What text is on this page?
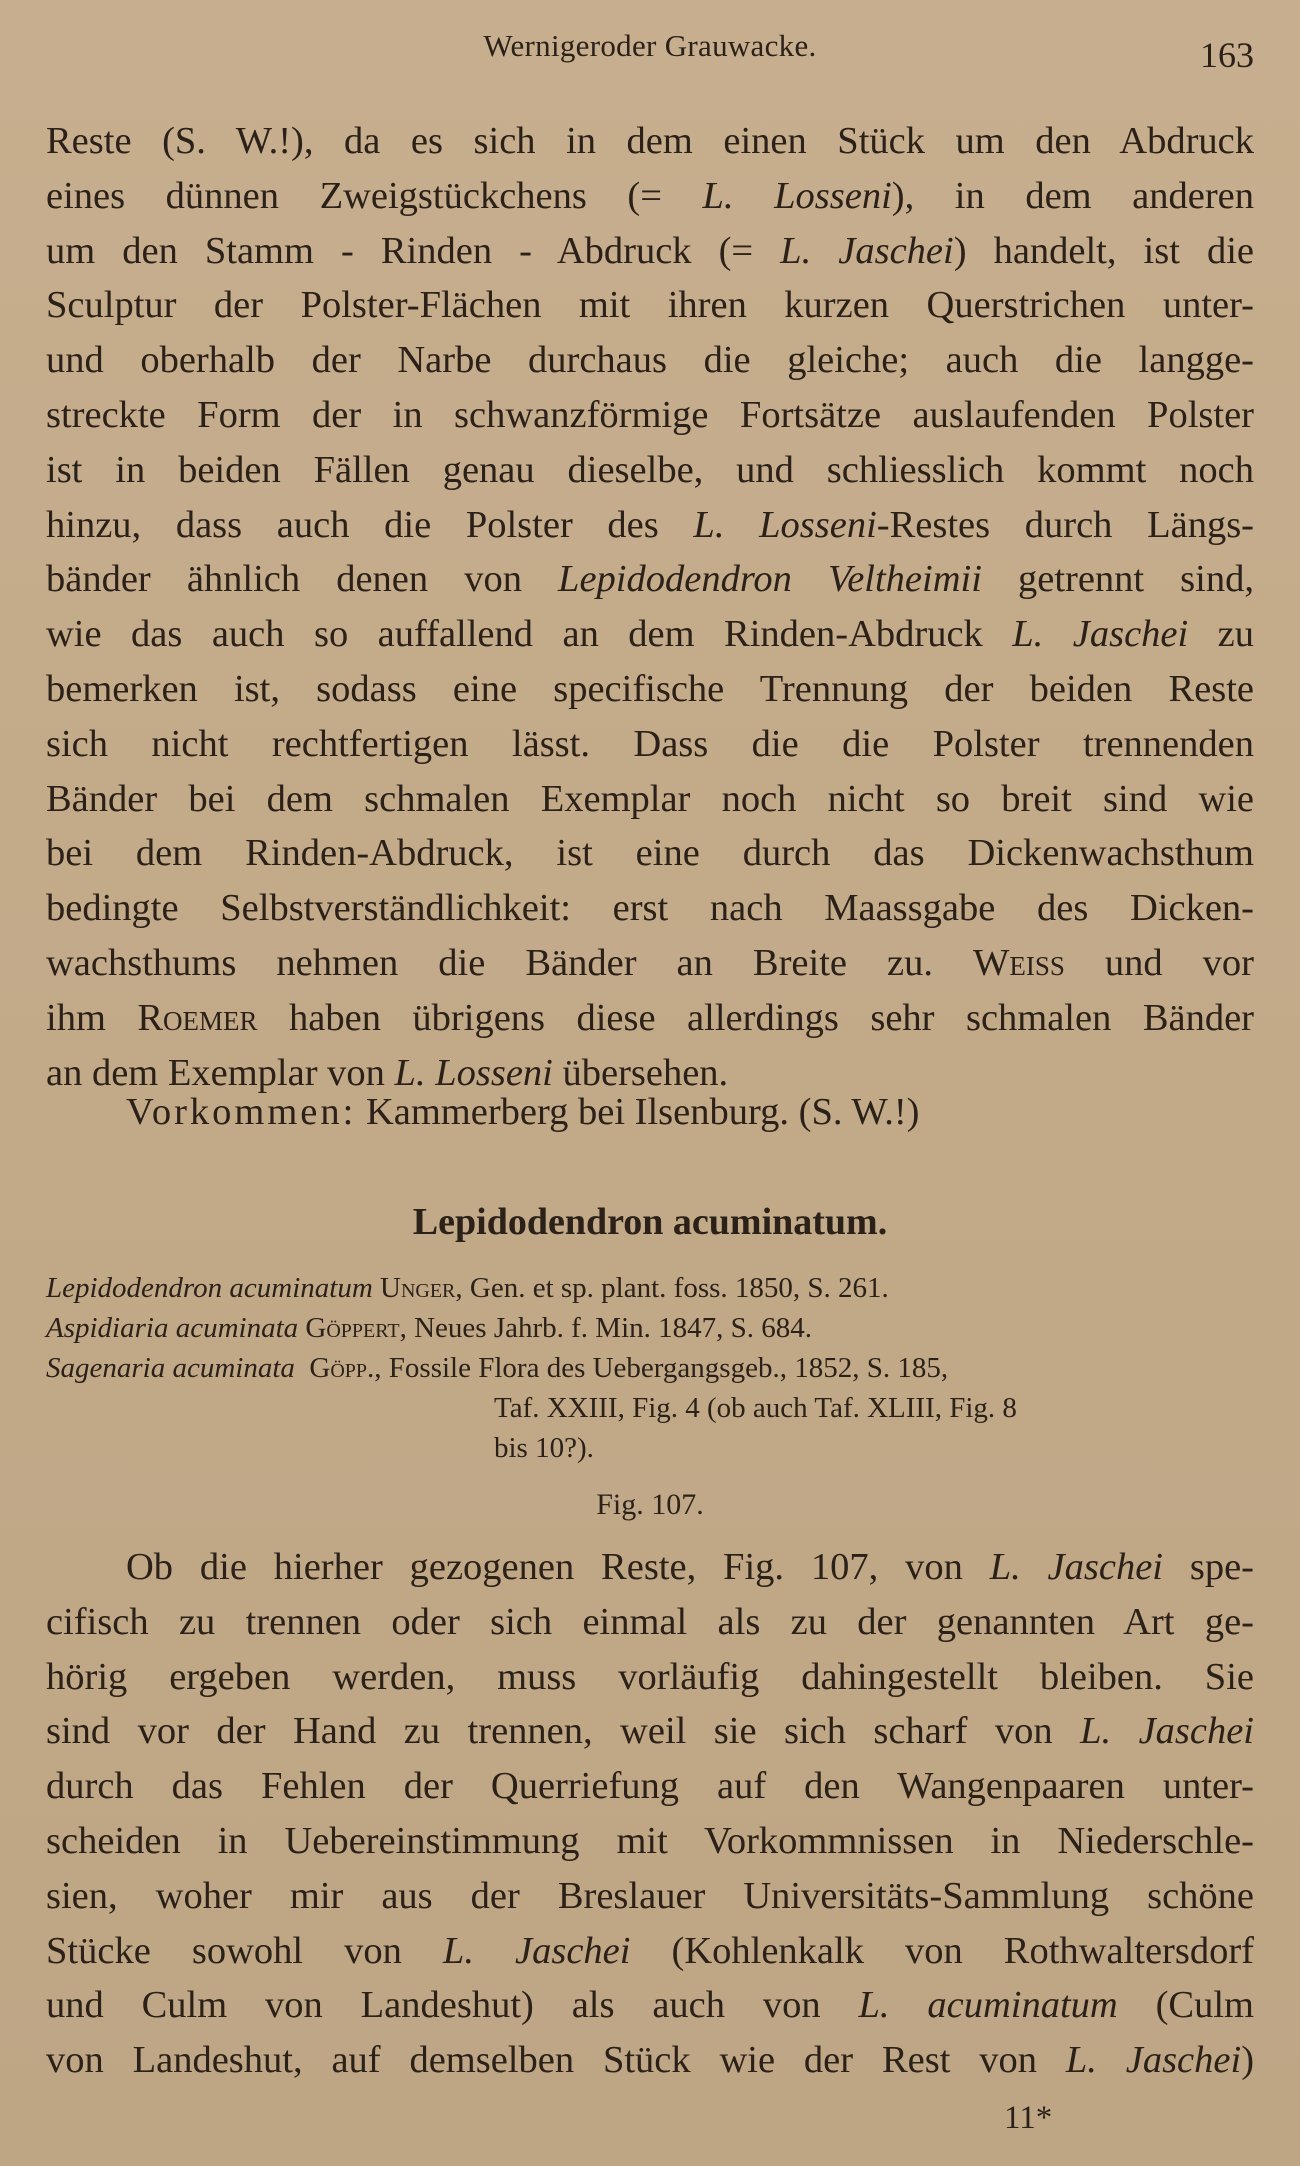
Wernigeroder Grauwacke.	163
Reste (S. W.!), da es sich in dem einen Stück um den Abdruck
eines dünnen Zweigstückchens (= L. Losseni), in dem anderen
um den Stamm - Rinden - Abdruck (= L. Jaschei) handelt, ist die
Sculptur der Polster-Flächen mit ihren kurzen Querstrichen unter-
und oberhalb der Narbe durchaus die gleiche; auch die langge-
streckte Form der in schwanzförmige Fortsätze auslaufenden Polster
ist in beiden Fällen genau dieselbe, und schliesslich kommt noch
hinzu, dass auch die Polster des L. Losseni-Restes durch Längs-
bänder ähnlich denen von Lepidodendron Veltheimii getrennt sind,
wie das auch so auffallend an dem Rinden-Abdruck L. Jaschei zu
bemerken ist, sodass eine specifische Trennung der beiden Reste
sich nicht rechtfertigen lässt. Dass die die Polster trennenden
Bänder bei dem schmalen Exemplar noch nicht so breit sind wie
bei dem Rinden-Abdruck, ist eine durch das Dickenwachsthum
bedingte Selbstverständlichkeit: erst nach Maassgabe des Dicken-
wachsthums nehmen die Bänder an Breite zu. Weiss und vor
ihm Roemer haben übrigens diese allerdings sehr schmalen Bänder
an dem Exemplar von L. Losseni übersehen.
Vorkommen: Kammerberg bei Ilsenburg. (S. W.!)
Lepidodendron acuminatum.
Lepidodendron acuminatum Unger, Gen. et sp. plant. foss. 1850, S. 261.
Aspidiaria acuminata Göppert, Neues Jahrb. f. Min. 1847, S. 684.
Sagenaria acuminata Göpp., Fossile Flora des Uebergangsgeb., 1852, S. 185,
Taf. XXIII, Fig. 4 (ob auch Taf. XLIII, Fig. 8
bis 10?).
Fig. 107.
Ob die hierher gezogenen Reste, Fig. 107, von L. Jaschei spe-
cifisch zu trennen oder sich einmal als zu der genannten Art ge-
hörig ergeben werden, muss vorläufig dahingestellt bleiben. Sie
sind vor der Hand zu trennen, weil sie sich scharf von L. Jaschei
durch das Fehlen der Querriefung auf den Wangenpaaren unter-
scheiden in Uebereinstimmung mit Vorkommnissen in Niederschle-
sien, woher mir aus der Breslauer Universitäts-Sammlung schöne
Stücke sowohl von L. Jaschei (Kohlenkalk von Rothwaltersdorf
und Culm von Landeshut) als auch von L. acuminatum (Culm
von Landeshut, auf demselben Stück wie der Rest von L. Jaschei)
11*
